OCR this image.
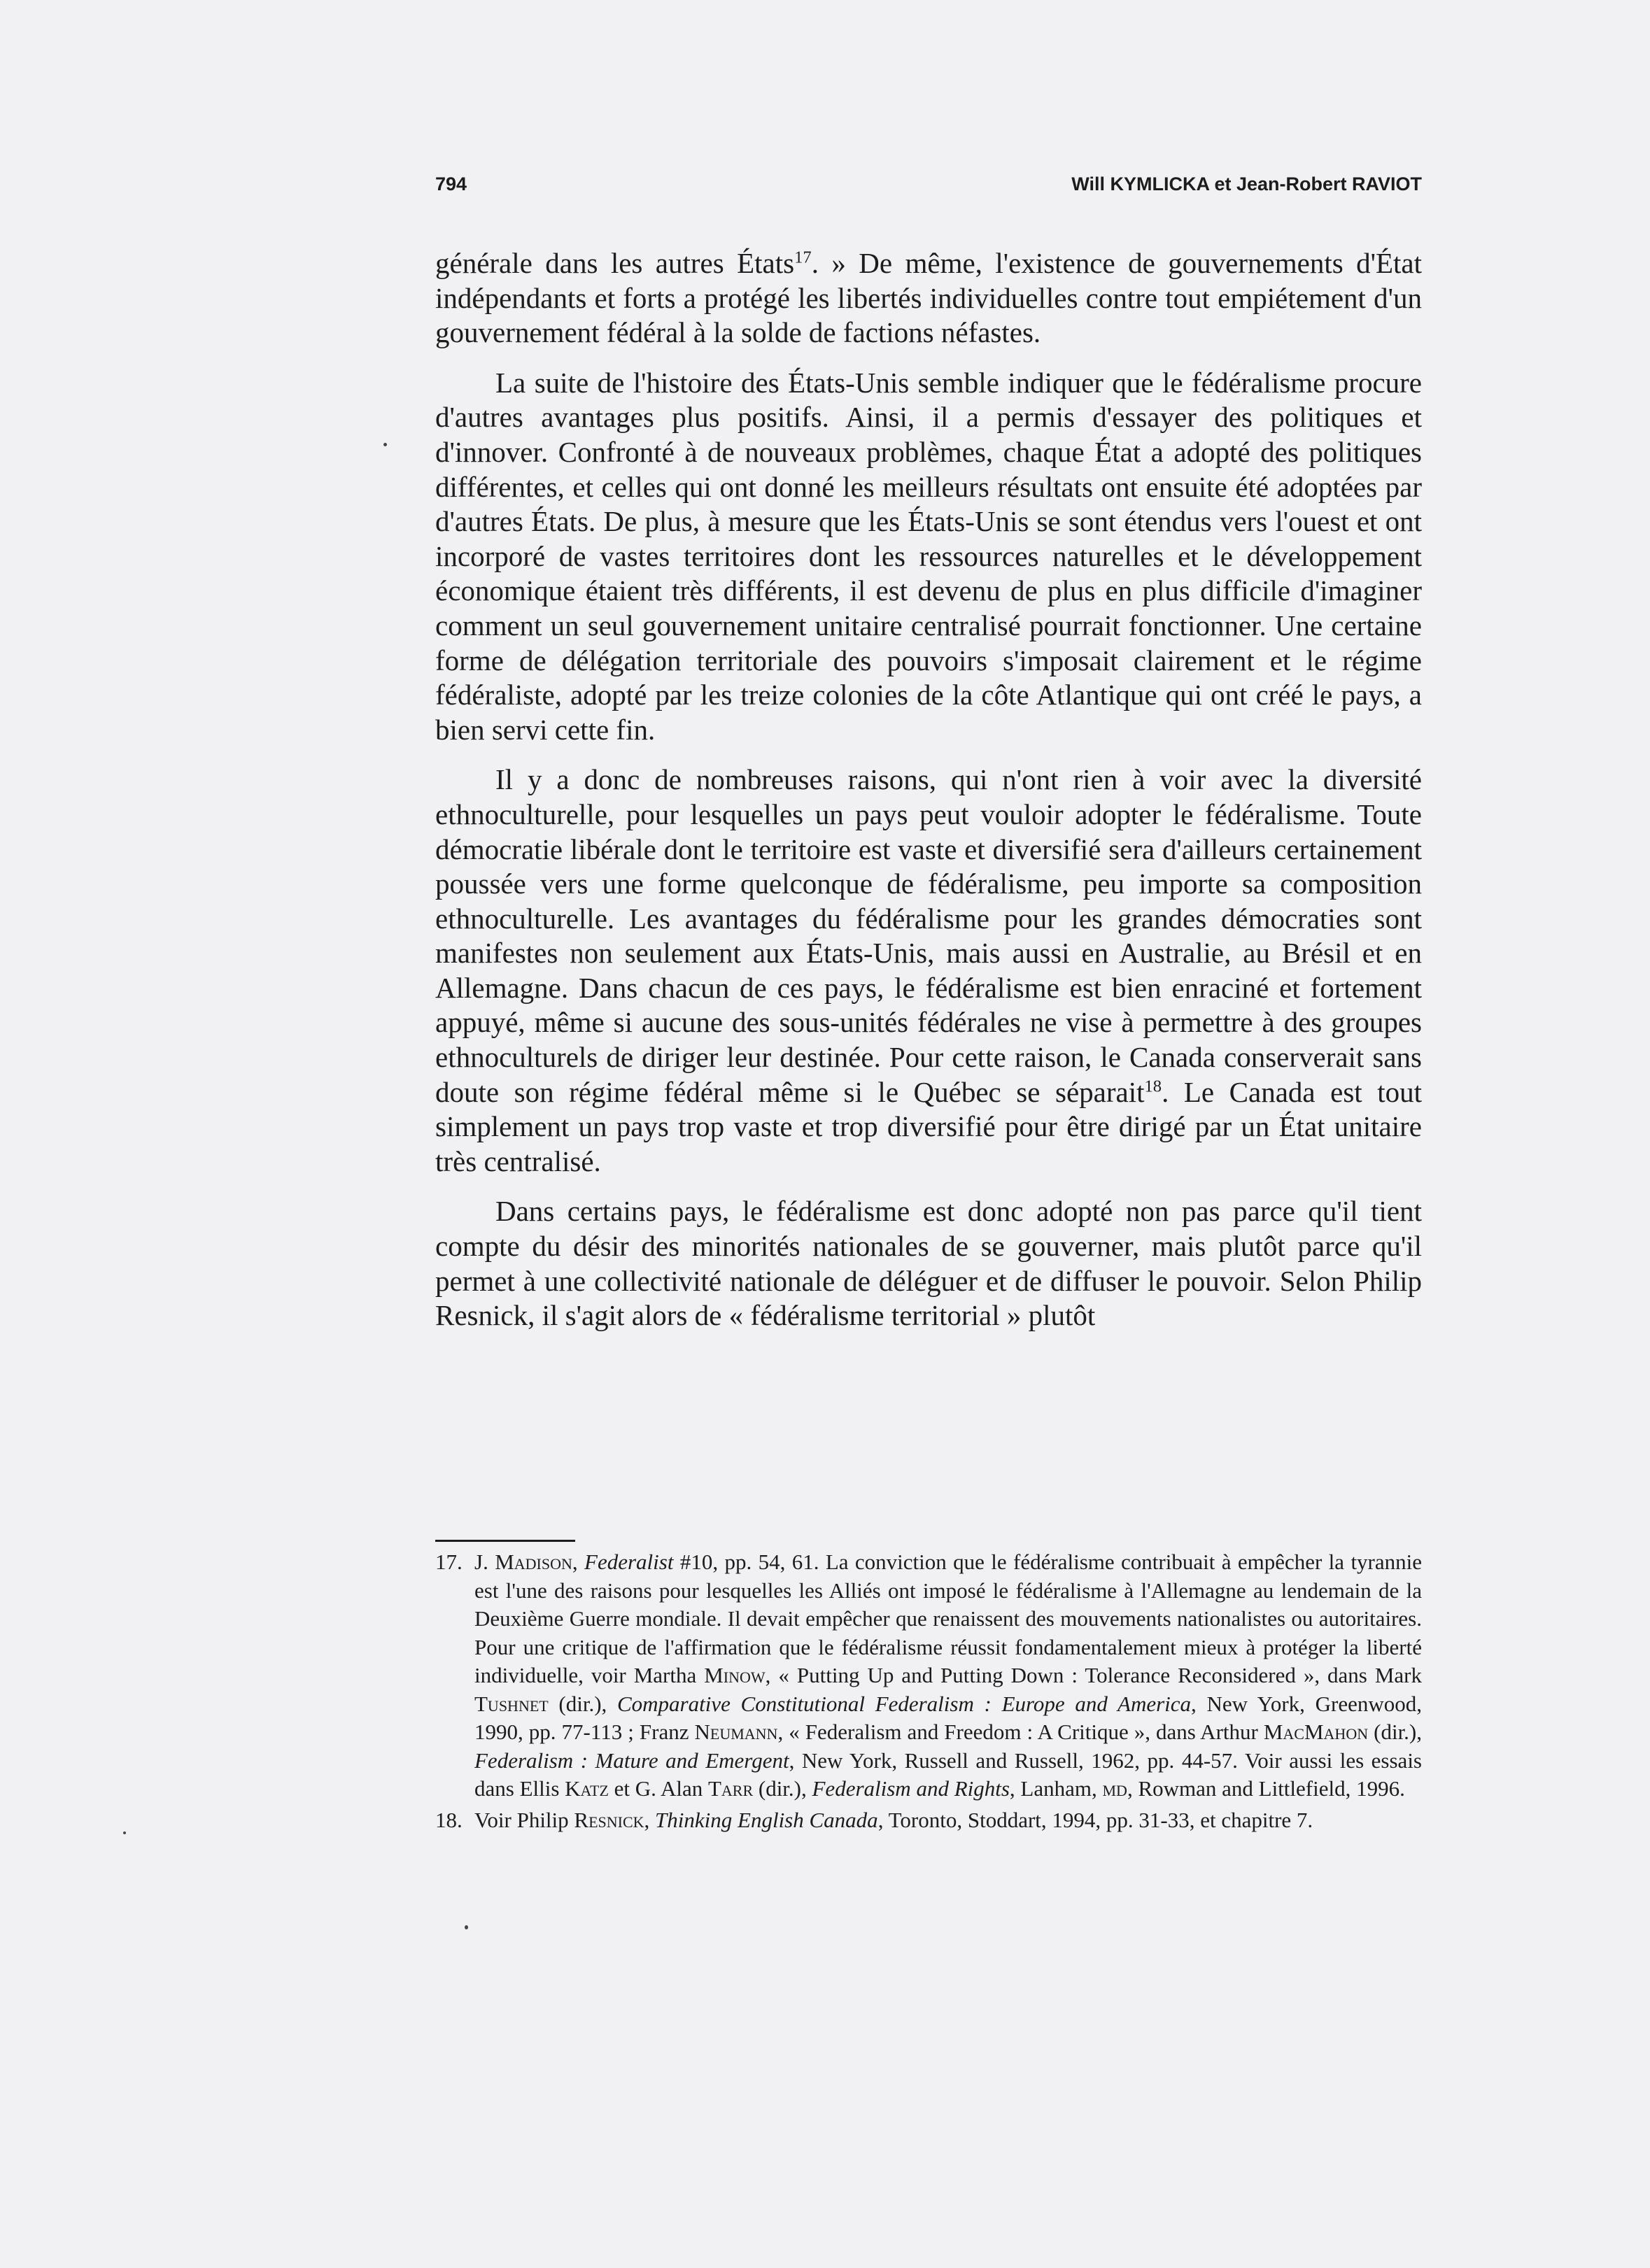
794	Will KYMLICKA et Jean-Robert RAVIOT

générale dans les autres États$^{17}$. » De même, l'existence de gouvernements d'État indépendants et forts a protégé les libertés individuelles contre tout empiétement d'un gouvernement fédéral à la solde de factions néfastes.

La suite de l'histoire des États-Unis semble indiquer que le fédéralisme procure d'autres avantages plus positifs. Ainsi, il a permis d'essayer des politiques et d'innover. Confronté à de nouveaux problèmes, chaque État a adopté des politiques différentes, et celles qui ont donné les meilleurs résultats ont ensuite été adoptées par d'autres États. De plus, à mesure que les États-Unis se sont étendus vers l'ouest et ont incorporé de vastes territoires dont les ressources naturelles et le développement économique étaient très différents, il est devenu de plus en plus difficile d'imaginer comment un seul gouvernement unitaire centralisé pourrait fonctionner. Une certaine forme de délégation territoriale des pouvoirs s'imposait clairement et le régime fédéraliste, adopté par les treize colonies de la côte Atlantique qui ont créé le pays, a bien servi cette fin.

Il y a donc de nombreuses raisons, qui n'ont rien à voir avec la diversité ethnoculturelle, pour lesquelles un pays peut vouloir adopter le fédéralisme. Toute démocratie libérale dont le territoire est vaste et diversifié sera d'ailleurs certainement poussée vers une forme quelconque de fédéralisme, peu importe sa composition ethnoculturelle. Les avantages du fédéralisme pour les grandes démocraties sont manifestes non seulement aux États-Unis, mais aussi en Australie, au Brésil et en Allemagne. Dans chacun de ces pays, le fédéralisme est bien enraciné et fortement appuyé, même si aucune des sous-unités fédérales ne vise à permettre à des groupes ethnoculturels de diriger leur destinée. Pour cette raison, le Canada conserverait sans doute son régime fédéral même si le Québec se séparait$^{18}$. Le Canada est tout simplement un pays trop vaste et trop diversifié pour être dirigé par un État unitaire très centralisé.

Dans certains pays, le fédéralisme est donc adopté non pas parce qu'il tient compte du désir des minorités nationales de se gouverner, mais plutôt parce qu'il permet à une collectivité nationale de déléguer et de diffuser le pouvoir. Selon Philip Resnick, il s'agit alors de « fédéralisme territorial » plutôt

17. J. Madison, Federalist #10, pp. 54, 61. La conviction que le fédéralisme contribuait à empêcher la tyrannie est l'une des raisons pour lesquelles les Alliés ont imposé le fédéralisme à l'Allemagne au lendemain de la Deuxième Guerre mondiale. Il devait empêcher que renaissent des mouvements nationalistes ou autoritaires. Pour une critique de l'affirmation que le fédéralisme réussit fondamentalement mieux à protéger la liberté individuelle, voir Martha Minow, « Putting Up and Putting Down : Tolerance Reconsidered », dans Mark Tushnet (dir.), Comparative Constitutional Federalism : Europe and America, New York, Greenwood, 1990, pp. 77-113 ; Franz Neumann, « Federalism and Freedom : A Critique », dans Arthur MacMahon (dir.), Federalism : Mature and Emergent, New York, Russell and Russell, 1962, pp. 44-57. Voir aussi les essais dans Ellis Katz et G. Alan Tarr (dir.), Federalism and Rights, Lanham, md, Rowman and Littlefield, 1996.
18. Voir Philip Resnick, Thinking English Canada, Toronto, Stoddart, 1994, pp. 31-33, et chapitre 7.
